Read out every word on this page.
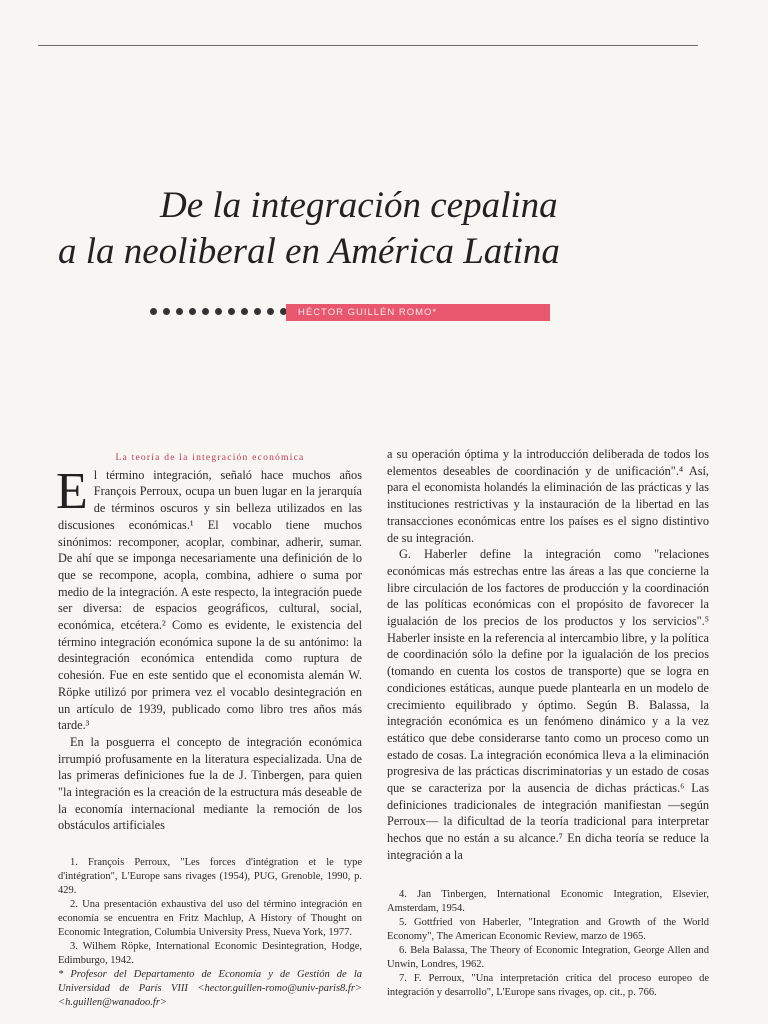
De la integración cepalina
a la neoliberal en América Latina
HÉCTOR GUILLÉN ROMO*

La teoría de la integración económica

El término integración, señaló hace muchos años François Perroux, ocupa un buen lugar en la jerarquía de términos oscuros y sin belleza utilizados en las discusiones económicas.¹ El vocablo tiene muchos sinónimos: recomponer, acoplar, combinar, adherir, sumar. De ahí que se imponga necesariamente una definición de lo que se recompone, acopla, combina, adhiere o suma por medio de la integración. A este respecto, la integración puede ser diversa: de espacios geográficos, cultural, social, económica, etcétera.² Como es evidente, le existencia del término integración económica supone la de su antónimo: la desintegración económica entendida como ruptura de cohesión. Fue en este sentido que el economista alemán W. Röpke utilizó por primera vez el vocablo desintegración en un artículo de 1939, publicado como libro tres años más tarde.³

En la posguerra el concepto de integración económica irrumpió profusamente en la literatura especializada. Una de las primeras definiciones fue la de J. Tinbergen, para quien "la integración es la creación de la estructura más deseable de la economía internacional mediante la remoción de los obstáculos artificiales

1. François Perroux, "Les forces d'intégration et le type d'intégration", L'Europe sans rivages (1954), PUG, Grenoble, 1990, p. 429.

2. Una presentación exhaustiva del uso del término integración en economía se encuentra en Fritz Machlup, A History of Thought on Economic Integration, Columbia University Press, Nueva York, 1977.

3. Wilhem Röpke, International Economic Desintegration, Hodge, Edimburgo, 1942.

* Profesor del Departamento de Economía y de Gestión de la Universidad de París VIII <hector.guillen-romo@univ-paris8.fr> <h.guillen@wanadoo.fr>

a su operación óptima y la introducción deliberada de todos los elementos deseables de coordinación y de unificación".⁴ Así, para el economista holandés la eliminación de las prácticas y las instituciones restrictivas y la instauración de la libertad en las transacciones económicas entre los países es el signo distintivo de su integración.

G. Haberler define la integración como "relaciones económicas más estrechas entre las áreas a las que concierne la libre circulación de los factores de producción y la coordinación de las políticas económicas con el propósito de favorecer la igualación de los precios de los productos y los servicios".⁵ Haberler insiste en la referencia al intercambio libre, y la política de coordinación sólo la define por la igualación de los precios (tomando en cuenta los costos de transporte) que se logra en condiciones estáticas, aunque puede plantearla en un modelo de crecimiento equilibrado y óptimo. Según B. Balassa, la integración económica es un fenómeno dinámico y a la vez estático que debe considerarse tanto como un proceso como un estado de cosas. La integración económica lleva a la eliminación progresiva de las prácticas discriminatorias y un estado de cosas que se caracteriza por la ausencia de dichas prácticas.⁶ Las definiciones tradicionales de integración manifiestan —según Perroux— la dificultad de la teoría tradicional para interpretar hechos que no están a su alcance.⁷ En dicha teoría se reduce la integración a la

4. Jan Tinbergen, International Economic Integration, Elsevier, Amsterdam, 1954.

5. Gottfried von Haberler, "Integration and Growth of the World Economy", The American Economic Review, marzo de 1965.

6. Bela Balassa, The Theory of Economic Integration, George Allen and Unwin, Londres, 1962.

7. F. Perroux, "Una interpretación crítica del proceso europeo de integración y desarrollo", L'Europe sans rivages, op. cit., p. 766.
